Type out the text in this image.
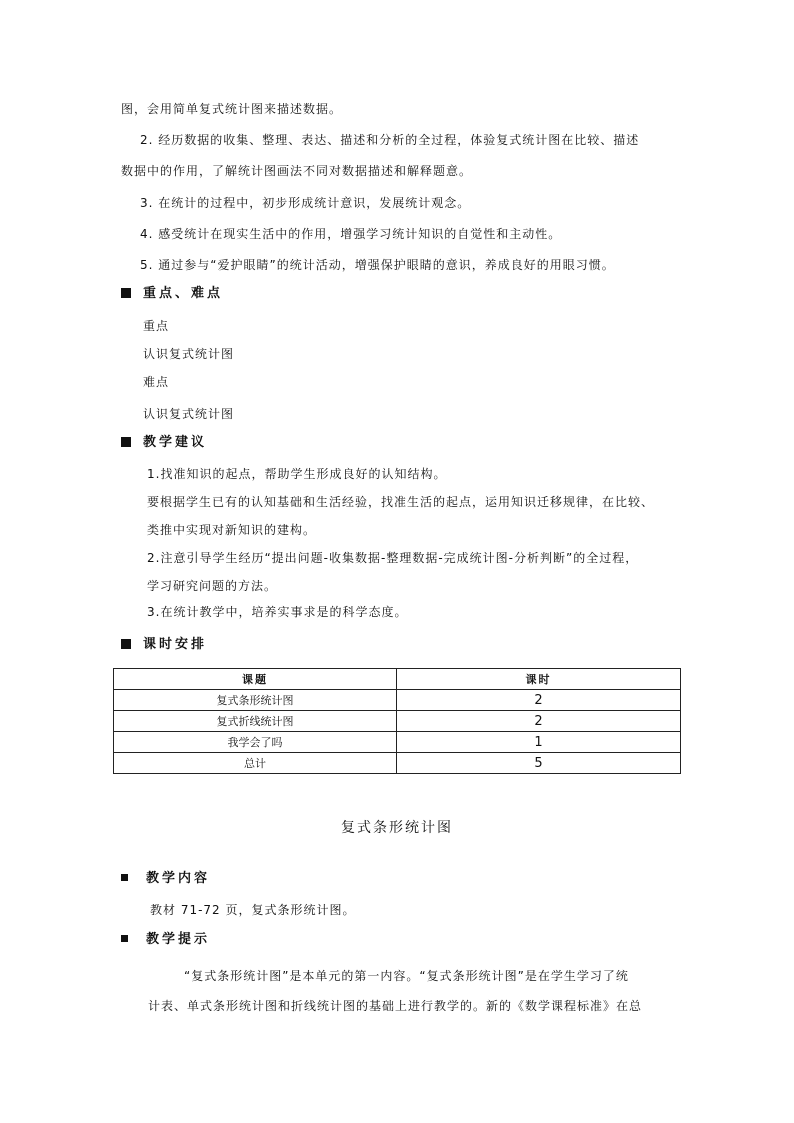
图，会用简单复式统计图来描述数据。
2. 经历数据的收集、整理、表达、描述和分析的全过程，体验复式统计图在比较、描述
数据中的作用，了解统计图画法不同对数据描述和解释题意。
3. 在统计的过程中，初步形成统计意识，发展统计观念。
4. 感受统计在现实生活中的作用，增强学习统计知识的自觉性和主动性。
5. 通过参与“爱护眼睛”的统计活动，增强保护眼睛的意识，养成良好的用眼习惯。
重点、难点
重点
认识复式统计图
难点
认识复式统计图
教学建议
1.找准知识的起点，帮助学生形成良好的认知结构。
要根据学生已有的认知基础和生活经验，找准生活的起点，运用知识迁移规律，在比较、
类推中实现对新知识的建构。
2.注意引导学生经历“提出问题-收集数据-整理数据-完成统计图-分析判断”的全过程，
学习研究问题的方法。
3.在统计教学中，培养实事求是的科学态度。
课时安排
课题	课时
复式条形统计图	2
复式折线统计图	2
我学会了吗	1
总计	5
复式条形统计图
教学内容
教材 71-72 页，复式条形统计图。
教学提示
“复式条形统计图”是本单元的第一内容。“复式条形统计图”是在学生学习了统
计表、单式条形统计图和折线统计图的基础上进行教学的。新的《数学课程标准》在总
